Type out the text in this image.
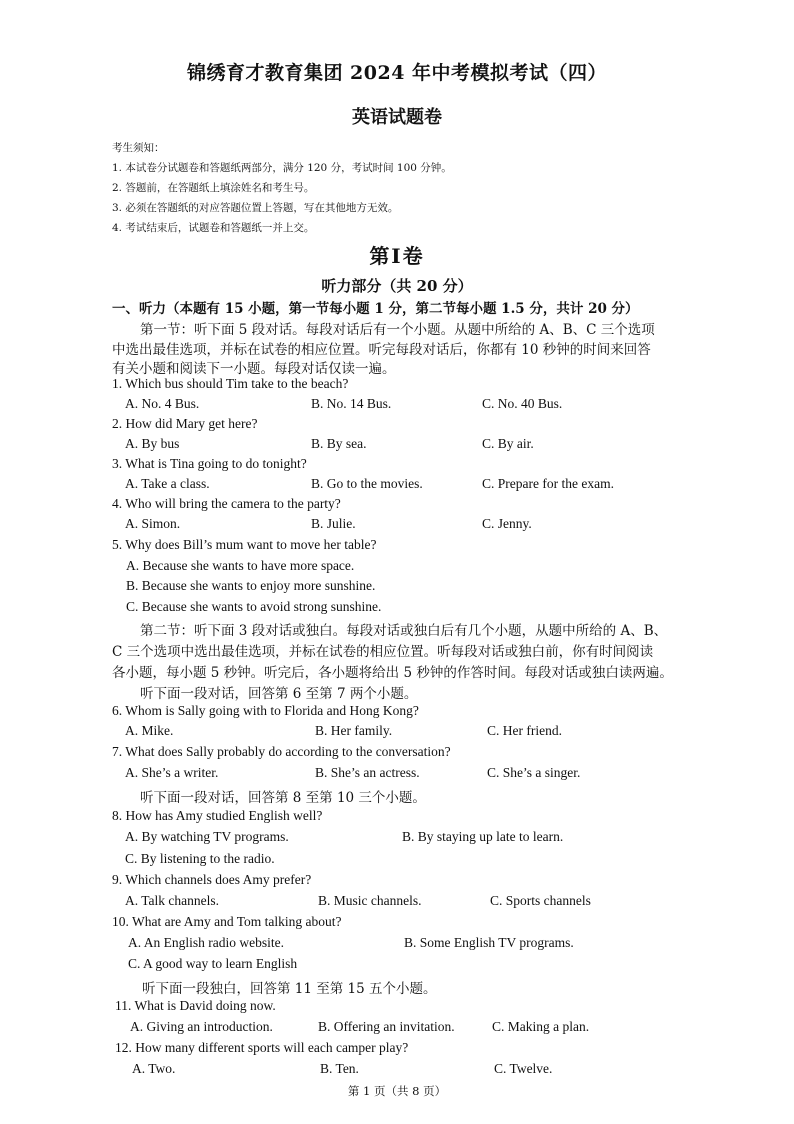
锦绣育才教育集团 2024 年中考模拟考试（四）
英语试题卷
考生须知：
1. 本试卷分试题卷和答题纸两部分，满分 120 分，考试时间 100 分钟。
2. 答题前，在答题纸上填涂姓名和考生号。
3. 必须在答题纸的对应答题位置上答题，写在其他地方无效。
4. 考试结束后，试题卷和答题纸一并上交。
第Ⅰ卷
听力部分（共 20 分）
一、听力（本题有 15 小题，第一节每小题 1 分，第二节每小题 1.5 分，共计 20 分）
第一节：听下面 5 段对话。每段对话后有一个小题。从题中所给的 A、B、C 三个选项
中选出最佳选项，并标在试卷的相应位置。听完每段对话后，你都有 10 秒钟的时间来回答
有关小题和阅读下一小题。每段对话仅读一遍。
1. Which bus should Tim take to the beach?
A. No. 4 Bus.	B. No. 14 Bus.	C. No. 40 Bus.
2. How did Mary get here?
A. By bus	B. By sea.	C. By air.
3. What is Tina going to do tonight?
A. Take a class.	B. Go to the movies.	C. Prepare for the exam.
4. Who will bring the camera to the party?
A. Simon.	B. Julie.	C. Jenny.
5. Why does Bill’s mum want to move her table?
A. Because she wants to have more space.
B. Because she wants to enjoy more sunshine.
C. Because she wants to avoid strong sunshine.
第二节：听下面 3 段对话或独白。每段对话或独白后有几个小题，从题中所给的 A、B、
C 三个选项中选出最佳选项，并标在试卷的相应位置。听每段对话或独白前，你有时间阅读
各小题，每小题 5 秒钟。听完后，各小题将给出 5 秒钟的作答时间。每段对话或独白读两遍。
听下面一段对话，回答第 6 至第 7 两个小题。
6. Whom is Sally going with to Florida and Hong Kong?
A. Mike.	B. Her family.	C. Her friend.
7. What does Sally probably do according to the conversation?
A. She’s a writer.	B. She’s an actress.	C. She’s a singer.
听下面一段对话，回答第 8 至第 10 三个小题。
8. How has Amy studied English well?
A. By watching TV programs.	B. By staying up late to learn.
C. By listening to the radio.
9. Which channels does Amy prefer?
A. Talk channels.	B. Music channels.	C. Sports channels
10. What are Amy and Tom talking about?
A. An English radio website.	B. Some English TV programs.
C. A good way to learn English
听下面一段独白，回答第 11 至第 15 五个小题。
11. What is David doing now.
A. Giving an introduction.	B. Offering an invitation.	C. Making a plan.
12. How many different sports will each camper play?
A. Two.	B. Ten.	C. Twelve.
第 1 页（共 8 页）
